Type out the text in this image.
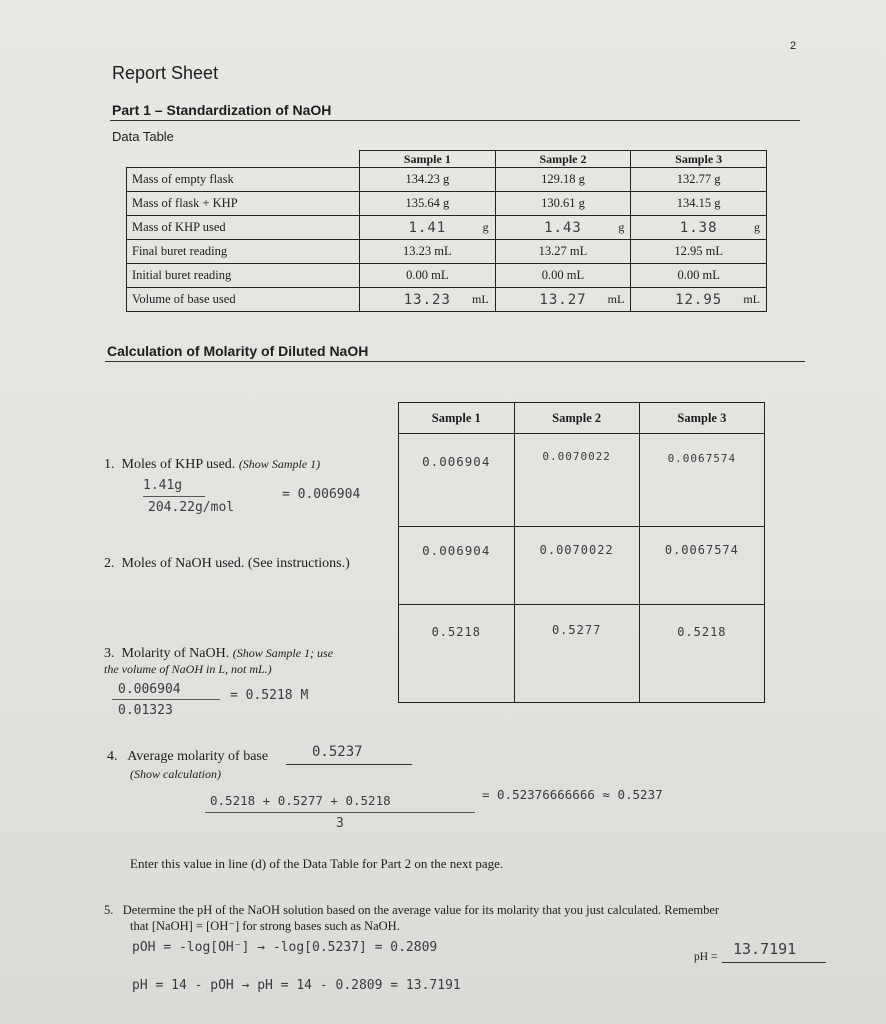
2
Report Sheet
Part 1 – Standardization of NaOH
Data Table
	Sample 1	Sample 2	Sample 3
Mass of empty flask	134.23 g	129.18 g	132.77 g
Mass of flask + KHP	135.64 g	130.61 g	134.15 g
Mass of KHP used	1.41 g	1.43 g	1.38 g

Final buret reading	13.23 mL	13.27 mL	12.95 mL
Initial buret reading	0.00 mL	0.00 mL	0.00 mL
Volume of base used	13.23 mL	13.27 mL	12.95 mL
Calculation of Molarity of Diluted NaOH
Sample 1	Sample 2	Sample 3

0.006904	0.0070022	0.0067574

0.006904	0.0070022	0.0067574

0.5218	0.5277	0.5218
1. Moles of KHP used. (Show Sample 1)
1.41g
204.22g/mol
= 0.006904
2. Moles of NaOH used. (See instructions.)
3. Molarity of NaOH. (Show Sample 1; use
the volume of NaOH in L, not mL.)
0.006904
0.01323
= 0.5218 M
4. Average molarity of base	0.5237
(Show calculation)
0.5218 + 0.5277 + 0.5218
3
= 0.52376666666 ≈ 0.5237
Enter this value in line (d) of the Data Table for Part 2 on the next page.
5. Determine the pH of the NaOH solution based on the average value for its molarity that you just calculated. Remember
that [NaOH] = [OH⁻] for strong bases such as NaOH.
pOH = -log[OH⁻] → -log[0.5237] = 0.2809
pH = 14 - pOH → pH = 14 - 0.2809 = 13.7191
pH = 13.7191
